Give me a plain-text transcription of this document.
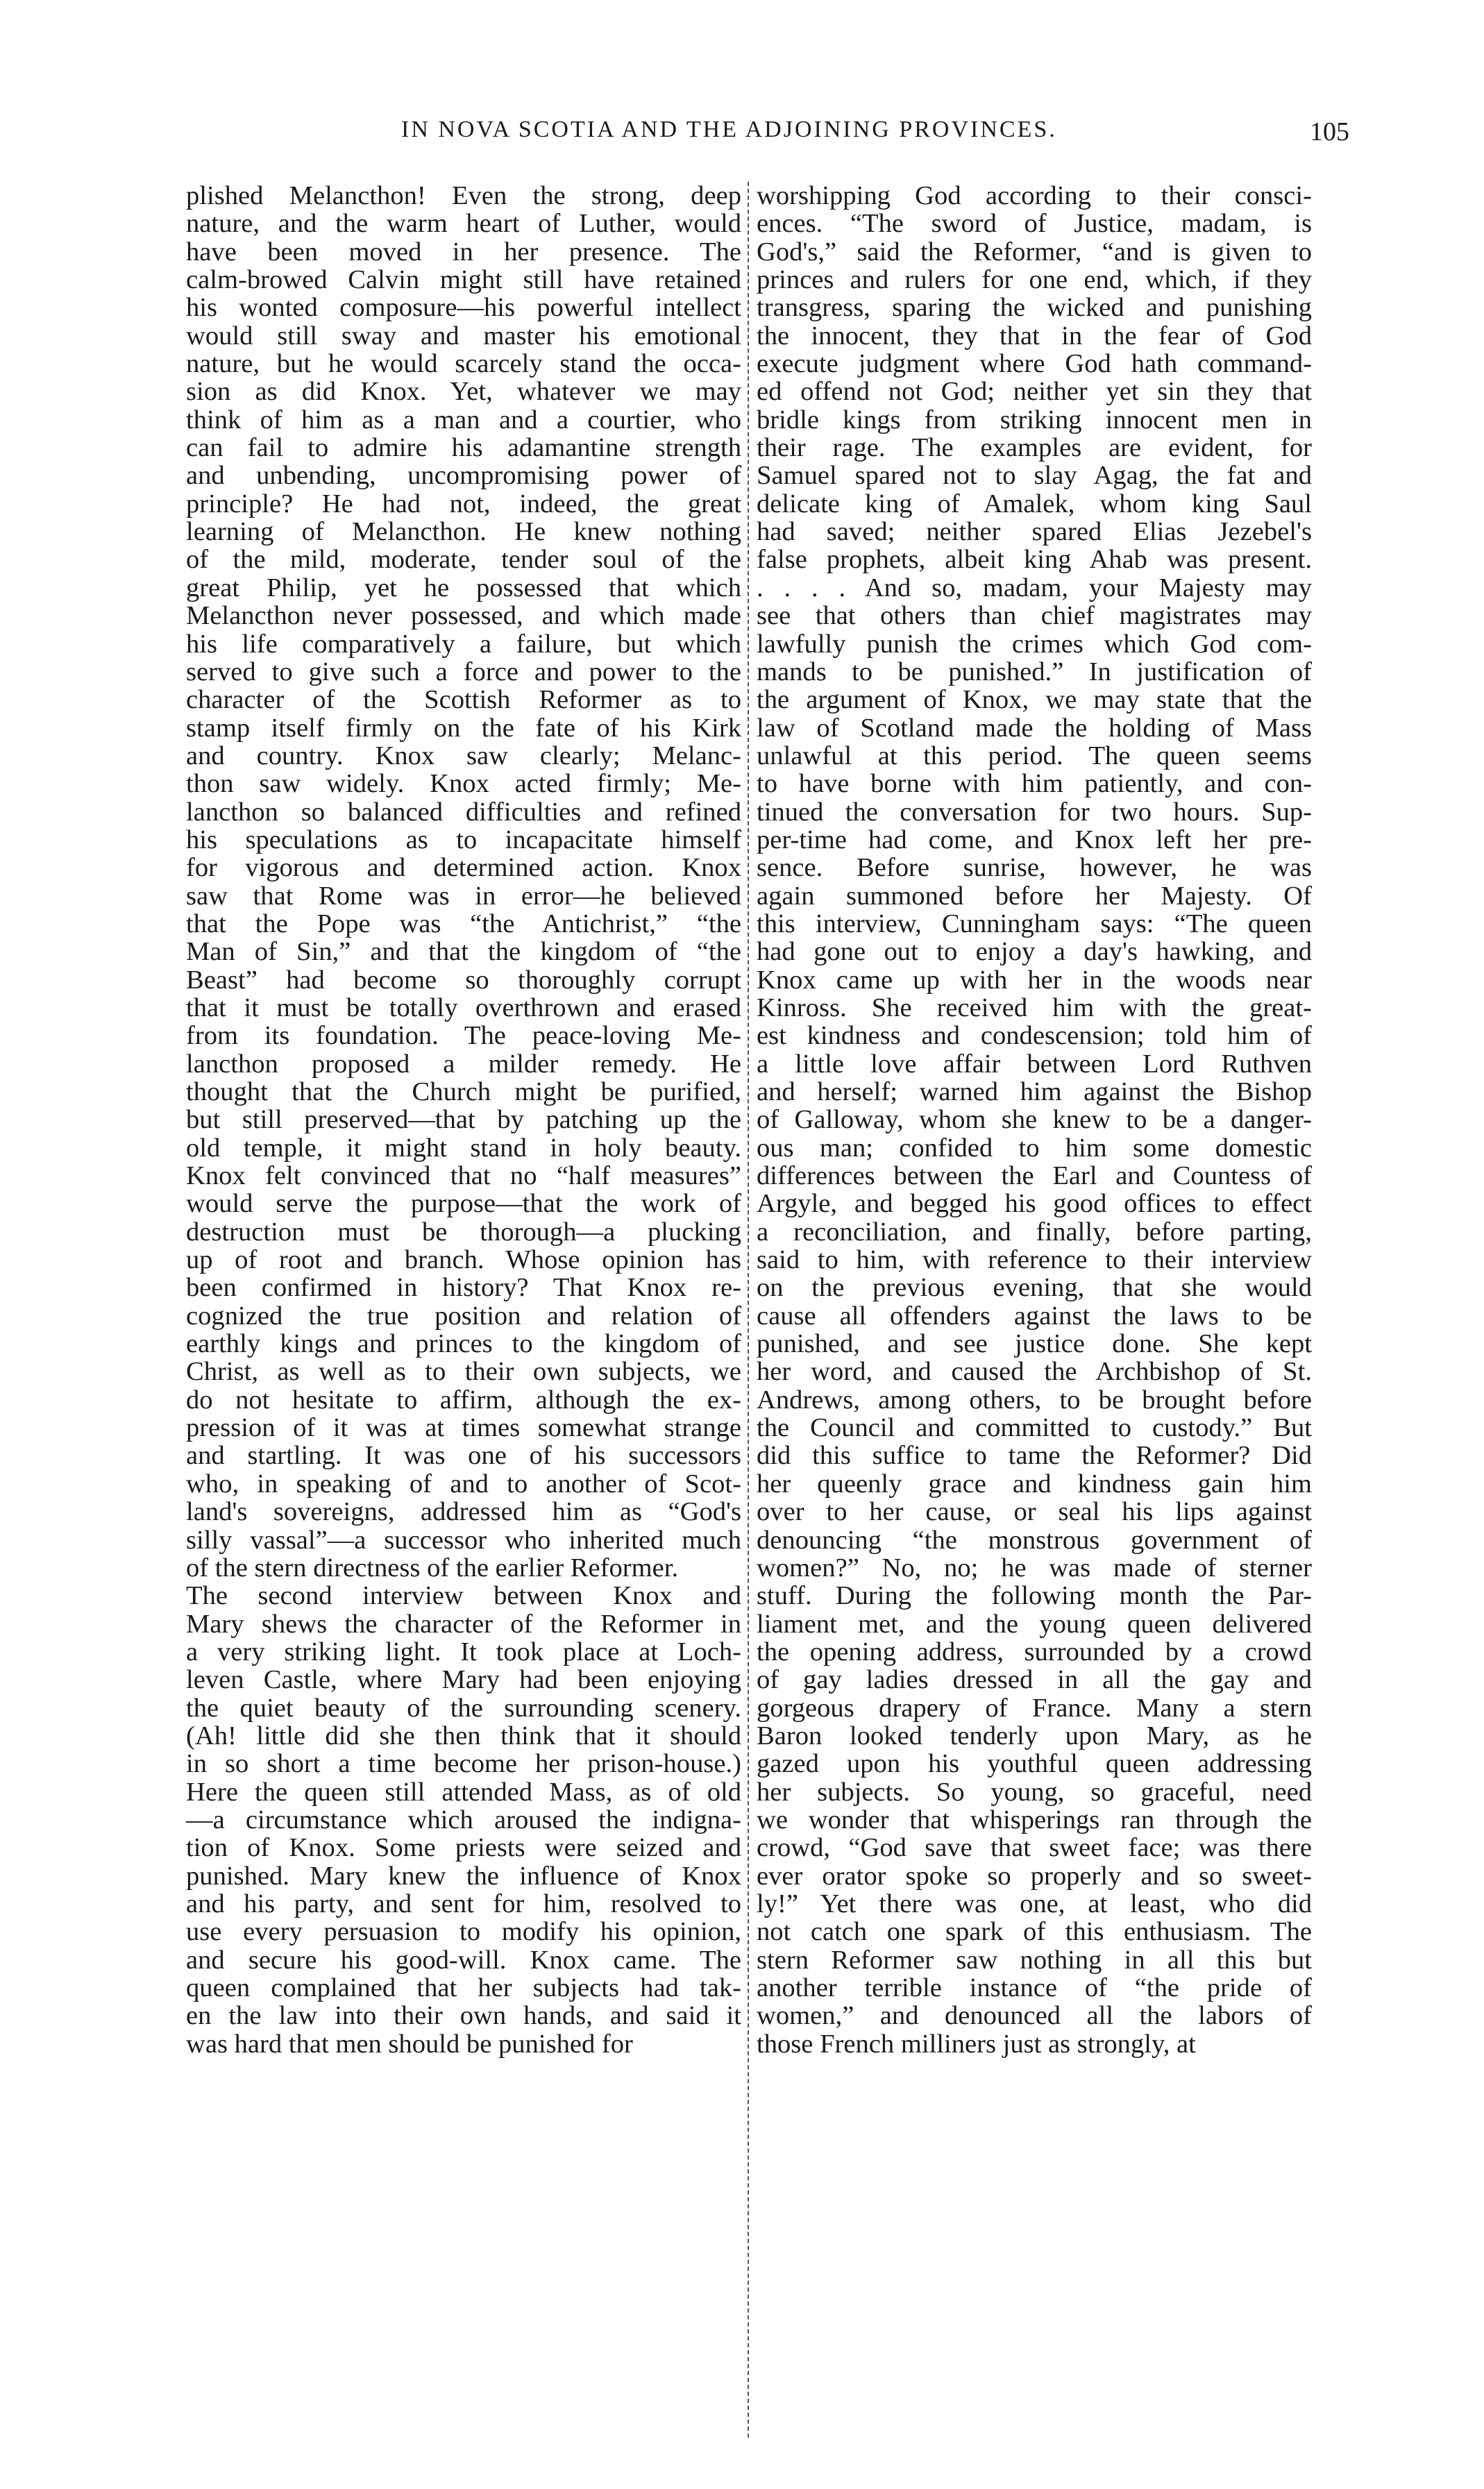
IN NOVA SCOTIA AND THE ADJOINING PROVINCES.	105
plished Melancthon! Even the strong, deep
nature, and the warm heart of Luther, would
have been moved in her presence. The
calm-browed Calvin might still have retained
his wonted composure—his powerful intellect
would still sway and master his emotional
nature, but he would scarcely stand the occa-
sion as did Knox. Yet, whatever we may
think of him as a man and a courtier, who
can fail to admire his adamantine strength
and unbending, uncompromising power of
principle? He had not, indeed, the great
learning of Melancthon. He knew nothing
of the mild, moderate, tender soul of the
great Philip, yet he possessed that which
Melancthon never possessed, and which made
his life comparatively a failure, but which
served to give such a force and power to the
character of the Scottish Reformer as to
stamp itself firmly on the fate of his Kirk
and country. Knox saw clearly; Melanc-
thon saw widely. Knox acted firmly; Me-
lancthon so balanced difficulties and refined
his speculations as to incapacitate himself
for vigorous and determined action. Knox
saw that Rome was in error—he believed
that the Pope was “the Antichrist,” “the
Man of Sin,” and that the kingdom of “the
Beast” had become so thoroughly corrupt
that it must be totally overthrown and erased
from its foundation. The peace-loving Me-
lancthon proposed a milder remedy. He
thought that the Church might be purified,
but still preserved—that by patching up the
old temple, it might stand in holy beauty.
Knox felt convinced that no “half measures”
would serve the purpose—that the work of
destruction must be thorough—a plucking
up of root and branch. Whose opinion has
been confirmed in history? That Knox re-
cognized the true position and relation of
earthly kings and princes to the kingdom of
Christ, as well as to their own subjects, we
do not hesitate to affirm, although the ex-
pression of it was at times somewhat strange
and startling. It was one of his successors
who, in speaking of and to another of Scot-
land's sovereigns, addressed him as “God's
silly vassal”—a successor who inherited much
of the stern directness of the earlier Reformer.
The second interview between Knox and
Mary shews the character of the Reformer in
a very striking light. It took place at Loch-
leven Castle, where Mary had been enjoying
the quiet beauty of the surrounding scenery.
(Ah! little did she then think that it should
in so short a time become her prison-house.)
Here the queen still attended Mass, as of old
—a circumstance which aroused the indigna-
tion of Knox. Some priests were seized and
punished. Mary knew the influence of Knox
and his party, and sent for him, resolved to
use every persuasion to modify his opinion,
and secure his good-will. Knox came. The
queen complained that her subjects had tak-
en the law into their own hands, and said it
was hard that men should be punished for
worshipping God according to their consci-
ences. “The sword of Justice, madam, is
God's,” said the Reformer, “and is given to
princes and rulers for one end, which, if they
transgress, sparing the wicked and punishing
the innocent, they that in the fear of God
execute judgment where God hath command-
ed offend not God; neither yet sin they that
bridle kings from striking innocent men in
their rage. The examples are evident, for
Samuel spared not to slay Agag, the fat and
delicate king of Amalek, whom king Saul
had saved; neither spared Elias Jezebel's
false prophets, albeit king Ahab was present.
. . . . And so, madam, your Majesty may
see that others than chief magistrates may
lawfully punish the crimes which God com-
mands to be punished.” In justification of
the argument of Knox, we may state that the
law of Scotland made the holding of Mass
unlawful at this period. The queen seems
to have borne with him patiently, and con-
tinued the conversation for two hours. Sup-
per-time had come, and Knox left her pre-
sence. Before sunrise, however, he was
again summoned before her Majesty. Of
this interview, Cunningham says: “The queen
had gone out to enjoy a day's hawking, and
Knox came up with her in the woods near
Kinross. She received him with the great-
est kindness and condescension; told him of
a little love affair between Lord Ruthven
and herself; warned him against the Bishop
of Galloway, whom she knew to be a danger-
ous man; confided to him some domestic
differences between the Earl and Countess of
Argyle, and begged his good offices to effect
a reconciliation, and finally, before parting,
said to him, with reference to their interview
on the previous evening, that she would
cause all offenders against the laws to be
punished, and see justice done. She kept
her word, and caused the Archbishop of St.
Andrews, among others, to be brought before
the Council and committed to custody.” But
did this suffice to tame the Reformer? Did
her queenly grace and kindness gain him
over to her cause, or seal his lips against
denouncing “the monstrous government of
women?” No, no; he was made of sterner
stuff. During the following month the Par-
liament met, and the young queen delivered
the opening address, surrounded by a crowd
of gay ladies dressed in all the gay and
gorgeous drapery of France. Many a stern
Baron looked tenderly upon Mary, as he
gazed upon his youthful queen addressing
her subjects. So young, so graceful, need
we wonder that whisperings ran through the
crowd, “God save that sweet face; was there
ever orator spoke so properly and so sweet-
ly!” Yet there was one, at least, who did
not catch one spark of this enthusiasm. The
stern Reformer saw nothing in all this but
another terrible instance of “the pride of
women,” and denounced all the labors of
those French milliners just as strongly, at
